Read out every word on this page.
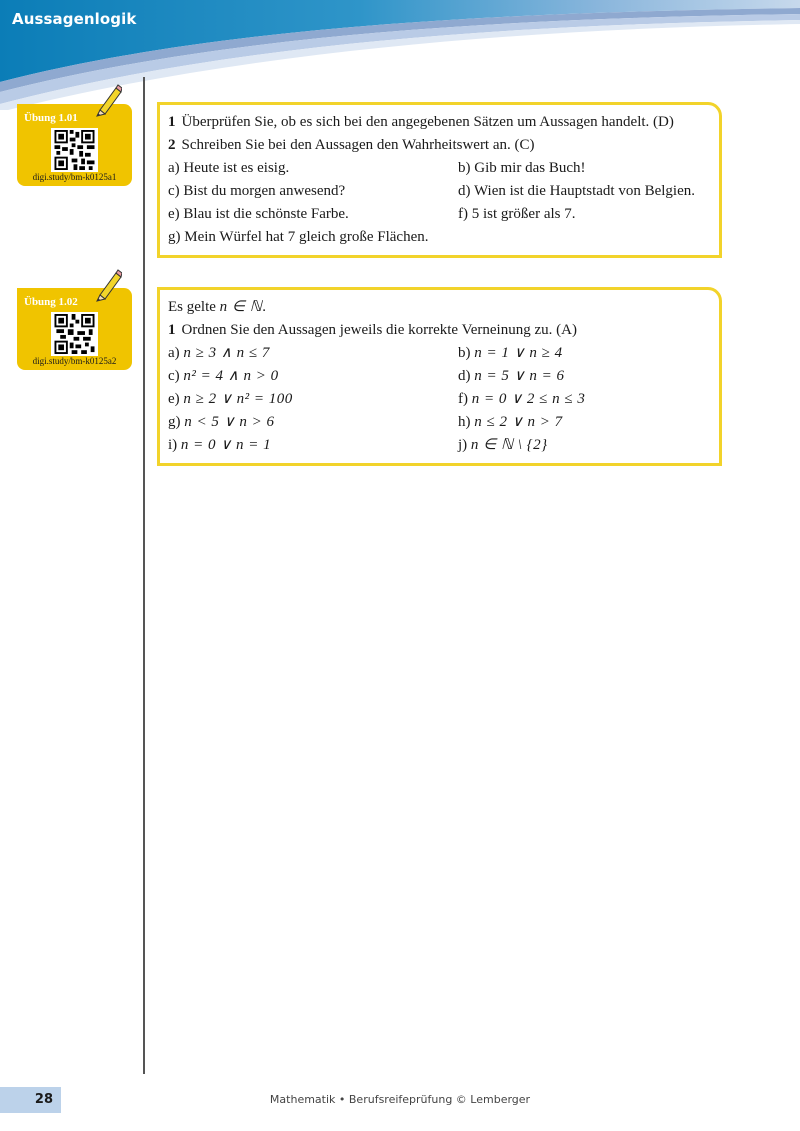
Aussagenlogik
Übung 1.01
digi.study/bm-k0125a1
1 Überprüfen Sie, ob es sich bei den angegebenen Sätzen um Aussagen handelt. (D)
2 Schreiben Sie bei den Aussagen den Wahrheitswert an. (C)
a) Heute ist es eisig.	b) Gib mir das Buch!
c) Bist du morgen anwesend?	d) Wien ist die Hauptstadt von Belgien.
e) Blau ist die schönste Farbe.	f) 5 ist größer als 7.
g) Mein Würfel hat 7 gleich große Flächen.
Übung 1.02
digi.study/bm-k0125a2
Es gelte n ∈ ℕ.
1 Ordnen Sie den Aussagen jeweils die korrekte Verneinung zu. (A)
a) n ≥ 3 ∧ n ≤ 7	b) n = 1 ∨ n ≥ 4
c) n² = 4 ∧ n > 0	d) n = 5 ∨ n = 6
e) n ≥ 2 ∨ n² = 100	f) n = 0 ∨ 2 ≤ n ≤ 3
g) n < 5 ∨ n > 6	h) n ≤ 2 ∨ n > 7
i) n = 0 ∨ n = 1	j) n ∈ ℕ \ {2}
28	Mathematik • Berufsreifeprüfung © Lemberger
